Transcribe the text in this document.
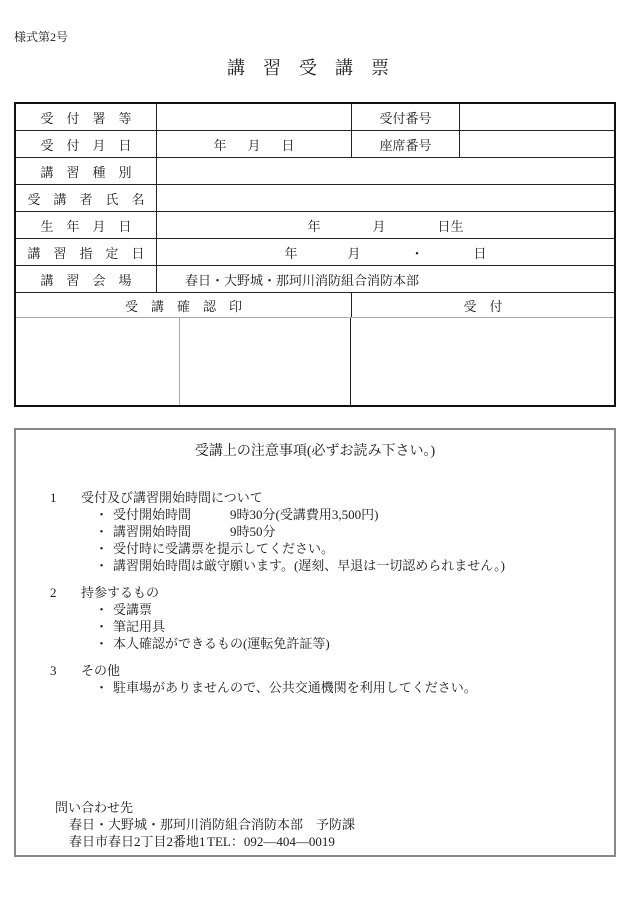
様式第2号
講　習　受　講　票
受　付　署　等	受付番号
受　付　月　日	年 月 日	座席番号
講　習　種　別
受　講　者　氏　名
生　年　月　日	年	月	日生
講　習　指　定　日	年	月	・	日
講　習　会　場	春日・大野城・那珂川消防組合消防本部
受　講　確　認　印	受　付
受講上の注意事項(必ずお読み下さい。)
1 受付及び講習開始時間について
・ 受付開始時間　　　9時30分(受講費用3,500円)
・ 講習開始時間　　　9時50分
・ 受付時に受講票を提示してください。
・ 講習開始時間は厳守願います。(遅刻、早退は一切認められません。)
2 持参するもの
・ 受講票
・ 筆記用具
・ 本人確認ができるもの(運転免許証等)
3 その他
・ 駐車場がありませんので、公共交通機関を利用してください。
問い合わせ先
春日・大野城・那珂川消防組合消防本部　予防課
春日市春日2丁目2番地1TEL：092—404—0019
